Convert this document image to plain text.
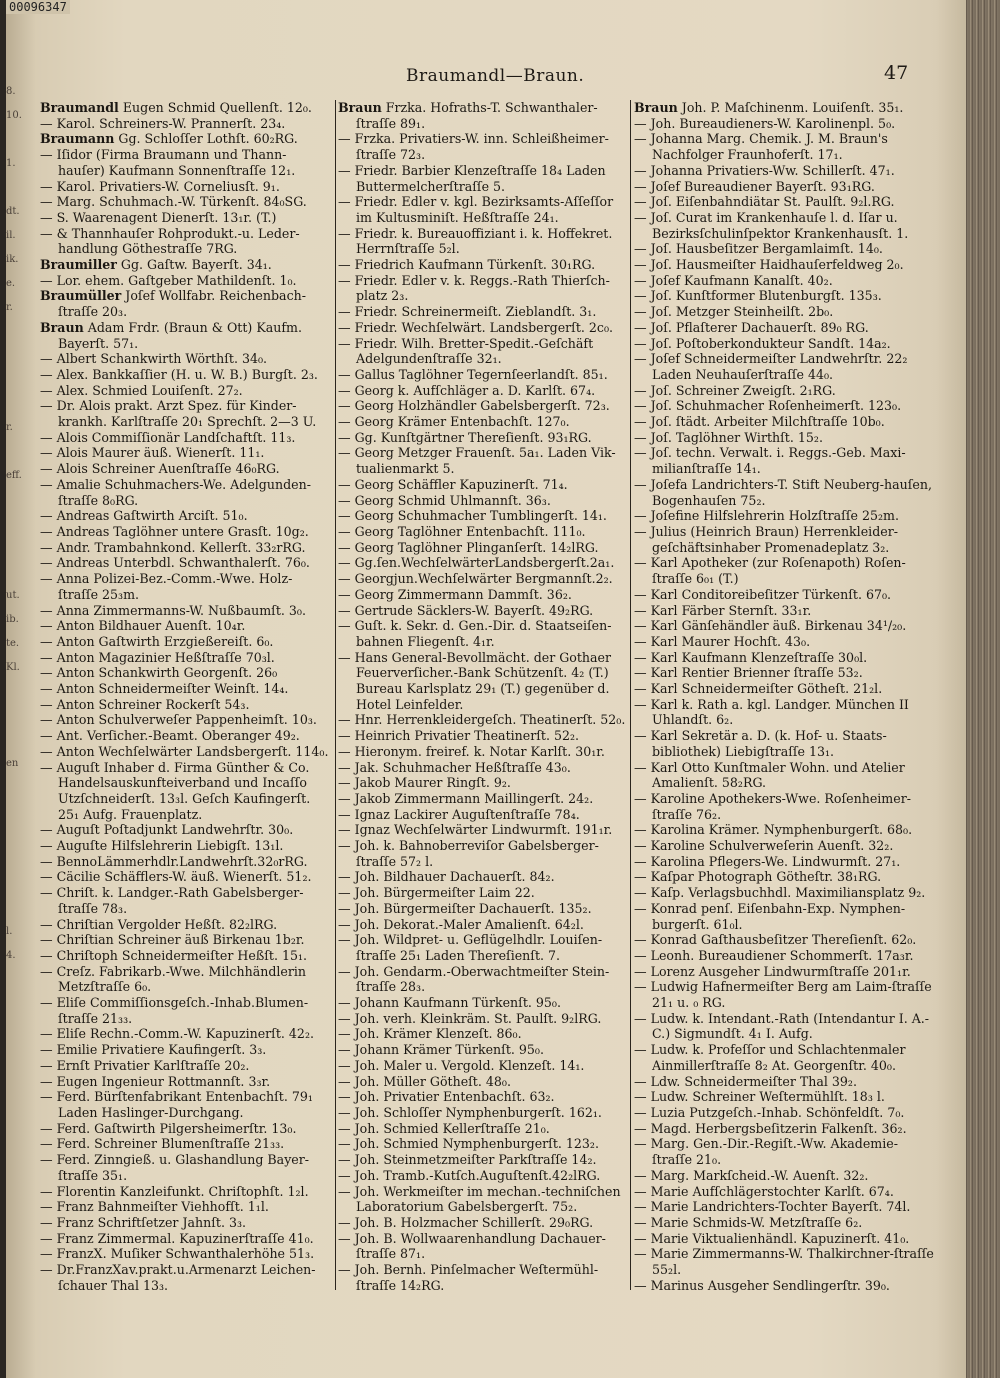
00096347
8.
10.
1.
dt.
il.
ik.
e.
r.
r.
eff.
ut.
ib.
te.
Kl.
en
l.
4.
Braumandl—Braun.	47

Braumandl Eugen Schmid Quellenſt. 12₀.

— Karol. Schreiners-W. Prannerſt. 23₄.

Braumann Gg. Schloſſer Lothſt. 60₂RG.

— Iſidor (Firma Braumann und Thann-hauſer) Kaufmann Sonnenſtraſſe 12₁.

— Karol. Privatiers-W. Corneliusſt. 9₁.

— Marg. Schuhmach.-W. Türkenſt. 84₀SG.

— S. Waarenagent Dienerſt. 13₁r. (T.)

— & Thannhauſer Rohprodukt.-u. Leder-handlung Göthestraſſe 7RG.

Braumiller Gg. Gaſtw. Bayerſt. 34₁.

— Lor. ehem. Gaſtgeber Mathildenſt. 1₀.

Braumüller Joſef Wollfabr. Reichenbach-ſtraſſe 20₃.

Braun Adam Frdr. (Braun & Ott) Kaufm. Bayerſt. 57₁.

— Albert Schankwirth Wörthſt. 34₀.

— Alex. Bankkaſſier (H. u. W. B.) Burgſt. 2₃.

— Alex. Schmied Louiſenſt. 27₂.

— Dr. Alois prakt. Arzt Spez. für Kinder-krankh. Karlſtraſſe 20₁ Sprechſt. 2—3 U.

— Alois Commiſſionär Landſchaftſt. 11₃.

— Alois Maurer äuß. Wienerſt. 11₁.

— Alois Schreiner Auenſtraſſe 46₀RG.

— Amalie Schuhmachers-We. Adelgunden-ſtraſſe 8₀RG.

— Andreas Gaſtwirth Arciſt. 51₀.

— Andreas Taglöhner untere Grasſt. 10g₂.

— Andr. Trambahnkond. Kellerſt. 33₂rRG.

— Andreas Unterbdl. Schwanthalerſt. 76₀.

— Anna Polizei-Bez.-Comm.-Wwe. Holz-ſtraſſe 25₃m.

— Anna Zimmermanns-W. Nußbaumſt. 3₀.

— Anton Bildhauer Auenſt. 10₄r.

— Anton Gaſtwirth Erzgießereiſt. 6₀.

— Anton Magazinier Heßſtraſſe 70₃l.

— Anton Schankwirth Georgenſt. 26₀

— Anton Schneidermeiſter Weinſt. 14₄.

— Anton Schreiner Rockerſt 54₃.

— Anton Schulverweſer Pappenheimſt. 10₃.

— Ant. Verſicher.-Beamt. Oberanger 49₂.

— Anton Wechſelwärter Landsbergerſt. 114₀.

— Auguſt Inhaber d. Firma Günther & Co. Handelsauskunfteiverband und Incaſſo Utzſchneiderſt. 13₃l. Geſch Kaufingerſt. 25₁ Aufg. Frauenplatz.

— Auguſt Poſtadjunkt Landwehrſtr. 30₀.

— Auguſte Hilfslehrerin Liebigſt. 13₁l.

— BennoLämmerhdlr.Landwehrſt.32₀rRG.

— Cäcilie Schäfflers-W. äuß. Wienerſt. 51₂.

— Chriſt. k. Landger.-Rath Gabelsberger-ſtraſſe 78₃.

— Chriſtian Vergolder Heßſt. 82₂lRG.

— Chriſtian Schreiner äuß Birkenau 1b₂r.

— Chriſtoph Schneidermeiſter Heßſt. 15₁.

— Creſz. Fabrikarb.-Wwe. Milchhändlerin Metzſtraſſe 6₀.

— Eliſe Commiſſionsgeſch.-Inhab.Blumen-ſtraſſe 21₃₃.

— Eliſe Rechn.-Comm.-W. Kapuzinerſt. 42₂.

— Emilie Privatiere Kaufingerſt. 3₃.

— Ernſt Privatier Karlſtraſſe 20₂.

— Eugen Ingenieur Rottmannſt. 3₃r.

— Ferd. Bürſtenfabrikant Entenbachſt. 79₁ Laden Haslinger-Durchgang.

— Ferd. Gaſtwirth Pilgersheimerſtr. 13₀.

— Ferd. Schreiner Blumenſtraſſe 21₃₃.

— Ferd. Zinngieß. u. Glashandlung Bayer-ſtraſſe 35₁.

— Florentin Kanzleifunkt. Chriſtophſt. 1₂l.

— Franz Bahnmeiſter Viehhofſt. 1₁l.

— Franz Schriftſetzer Jahnſt. 3₃.

— Franz Zimmermal. Kapuzinerſtraſſe 41₀.

— FranzX. Muſiker Schwanthalerhöhe 51₃.

— Dr.FranzXav.prakt.u.Armenarzt Leichen-ſchauer Thal 13₃.

Braun Frzka. Hofraths-T. Schwanthaler-ſtraſſe 89₁.

— Frzka. Privatiers-W. inn. Schleißheimer-ſtraſſe 72₃.

— Friedr. Barbier Klenzeſtraſſe 18₄ Laden Buttermelcherſtraſſe 5.

— Friedr. Edler v. kgl. Bezirksamts-Aſſeſſor im Kultusminiſt. Heßſtraſſe 24₁.

— Friedr. k. Bureauoffiziant i. k. Hoffekret. Herrnſtraſſe 5₂l.

— Friedrich Kaufmann Türkenſt. 30₁RG.

— Friedr. Edler v. k. Reggs.-Rath Thierſch-platz 2₃.

— Friedr. Schreinermeiſt. Zieblandſt. 3₁.

— Friedr. Wechſelwärt. Landsbergerſt. 2c₀.

— Friedr. Wilh. Bretter-Spedit.-Geſchäft Adelgundenſtraſſe 32₁.

— Gallus Taglöhner Tegernſeerlandſt. 85₁.

— Georg k. Aufſchläger a. D. Karlſt. 67₄.

— Georg Holzhändler Gabelsbergerſt. 72₃.

— Georg Krämer Entenbachſt. 127₀.

— Gg. Kunſtgärtner Thereſienſt. 93₁RG.

— Georg Metzger Frauenſt. 5a₁. Laden Vik-tualienmarkt 5.

— Georg Schäffler Kapuzinerſt. 71₄.

— Georg Schmid Uhlmannſt. 36₃.

— Georg Schuhmacher Tumblingerſt. 14₁.

— Georg Taglöhner Entenbachſt. 111₀.

— Georg Taglöhner Plinganſerſt. 14₂lRG.

— Gg.ſen.WechſelwärterLandsbergerſt.2a₁.

— Georgjun.Wechſelwärter Bergmannſt.2₂.

— Georg Zimmermann Dammſt. 36₂.

— Gertrude Säcklers-W. Bayerſt. 49₂RG.

— Guſt. k. Sekr. d. Gen.-Dir. d. Staatseiſen-bahnen Fliegenſt. 4₁r.

— Hans General-Bevollmächt. der Gothaer Feuerverſicher.-Bank Schützenſt. 4₂ (T.) Bureau Karlsplatz 29₁ (T.) gegenüber d. Hotel Leinfelder.

— Hnr. Herrenkleidergeſch. Theatinerſt. 52₀.

— Heinrich Privatier Theatinerſt. 52₂.

— Hieronym. freiref. k. Notar Karlſt. 30₁r.

— Jak. Schuhmacher Heßſtraſſe 43₀.

— Jakob Maurer Ringſt. 9₂.

— Jakob Zimmermann Maillingerſt. 24₂.

— Ignaz Lackirer Auguſtenſtraſſe 78₄.

— Ignaz Wechſelwärter Lindwurmſt. 191₁r.

— Joh. k. Bahnoberreviſor Gabelsberger-ſtraſſe 57₂ l.

— Joh. Bildhauer Dachauerſt. 84₂.

— Joh. Bürgermeiſter Laim 22.

— Joh. Bürgermeiſter Dachauerſt. 135₂.

— Joh. Dekorat.-Maler Amalienſt. 64₂l.

— Joh. Wildpret- u. Geflügelhdlr. Louiſen-ſtraſſe 25₁ Laden Thereſienſt. 7.

— Joh. Gendarm.-Oberwachtmeiſter Stein-ſtraſſe 28₃.

— Johann Kaufmann Türkenſt. 95₀.

— Joh. verh. Kleinkräm. St. Paulſt. 9₂lRG.

— Joh. Krämer Klenzeſt. 86₀.

— Johann Krämer Türkenſt. 95₀.

— Joh. Maler u. Vergold. Klenzeſt. 14₁.

— Joh. Müller Götheſt. 48₀.

— Joh. Privatier Entenbachſt. 63₂.

— Joh. Schloſſer Nymphenburgerſt. 162₁.

— Joh. Schmied Kellerſtraſſe 21₀.

— Joh. Schmied Nymphenburgerſt. 123₂.

— Joh. Steinmetzmeiſter Parkſtraſſe 14₂.

— Joh. Tramb.-Kutſch.Auguſtenſt.42₂lRG.

— Joh. Werkmeiſter im mechan.-techniſchen Laboratorium Gabelsbergerſt. 75₂.

— Joh. B. Holzmacher Schillerſt. 29₀RG.

— Joh. B. Wollwaarenhandlung Dachauer-ſtraſſe 87₁.

— Joh. Bernh. Pinſelmacher Weſtermühl-ſtraſſe 14₂RG.

Braun Joh. P. Maſchinenm. Louiſenſt. 35₁.

— Joh. Bureaudieners-W. Karolinenpl. 5₀.

— Johanna Marg. Chemik. J. M. Braun's Nachfolger Fraunhoferſt. 17₁.

— Johanna Privatiers-Ww. Schillerſt. 47₁.

— Joſef Bureaudiener Bayerſt. 93₁RG.

— Joſ. Eiſenbahndiätar St. Paulſt. 9₂l.RG.

— Joſ. Curat im Krankenhauſe l. d. Iſar u. Bezirksſchulinſpektor Krankenhausſt. 1.

— Joſ. Hausbeſitzer Bergamlaimſt. 14₀.

— Joſ. Hausmeiſter Haidhauſerfeldweg 2₀.

— Joſef Kaufmann Kanalſt. 40₂.

— Joſ. Kunſtformer Blutenburgſt. 135₃.

— Joſ. Metzger Steinheilſt. 2b₀.

— Joſ. Pflaſterer Dachauerſt. 89₀ RG.

— Joſ. Poſtoberkondukteur Sandſt. 14a₂.

— Joſef Schneidermeiſter Landwehrſtr. 22₂ Laden Neuhauſerſtraſſe 44₀.

— Joſ. Schreiner Zweigſt. 2₁RG.

— Joſ. Schuhmacher Roſenheimerſt. 123₀.

— Joſ. ſtädt. Arbeiter Milchſtraſſe 10b₀.

— Joſ. Taglöhner Wirthſt. 15₂.

— Joſ. techn. Verwalt. i. Reggs.-Geb. Maxi-milianſtraſſe 14₁.

— Joſefa Landrichters-T. Stift Neuberg-hauſen, Bogenhauſen 75₂.

— Joſefine Hilfslehrerin Holzſtraſſe 25₂m.

— Julius (Heinrich Braun) Herrenkleider-geſchäftsinhaber Promenadeplatz 3₂.

— Karl Apotheker (zur Roſenapoth) Roſen-ſtraſſe 6₀₁ (T.)

— Karl Conditoreibeſitzer Türkenſt. 67₀.

— Karl Färber Sternſt. 33₁r.

— Karl Gänſehändler äuß. Birkenau 34¹/₂₀.

— Karl Maurer Hochſt. 43₀.

— Karl Kaufmann Klenzeſtraſſe 30₀l.

— Karl Rentier Brienner ſtraſſe 53₂.

— Karl Schneidermeiſter Götheſt. 21₂l.

— Karl k. Rath a. kgl. Landger. München II Uhlandſt. 6₂.

— Karl Sekretär a. D. (k. Hof- u. Staats-bibliothek) Liebigſtraſſe 13₁.

— Karl Otto Kunſtmaler Wohn. und Atelier Amalienſt. 58₂RG.

— Karoline Apothekers-Wwe. Roſenheimer-ſtraſſe 76₂.

— Karolina Krämer. Nymphenburgerſt. 68₀.

— Karoline Schulverweſerin Auenſt. 32₂.

— Karolina Pflegers-We. Lindwurmſt. 27₁.

— Kaſpar Photograph Götheſtr. 38₁RG.

— Kaſp. Verlagsbuchhdl. Maximiliansplatz 9₂.

— Konrad penſ. Eiſenbahn-Exp. Nymphen-burgerſt. 61₀l.

— Konrad Gaſthausbeſitzer Thereſienſt. 62₀.

— Leonh. Bureaudiener Schommerſt. 17a₃r.

— Lorenz Ausgeher Lindwurmſtraſſe 201₁r.

— Ludwig Hafnermeiſter Berg am Laim-ſtraſſe 21₁ u. ₀ RG.

— Ludw. k. Intendant.-Rath (Intendantur I. A.-C.) Sigmundſt. 4₁ I. Aufg.

— Ludw. k. Profeſſor und Schlachtenmaler Ainmillerſtraſſe 8₂ At. Georgenſtr. 40₀.

— Ldw. Schneidermeiſter Thal 39₂.

— Ludw. Schreiner Weſtermühlſt. 18₃ l.

— Luzia Putzgeſch.-Inhab. Schönfeldſt. 7₀.

— Magd. Herbergsbeſitzerin Falkenſt. 36₂.

— Marg. Gen.-Dir.-Regiſt.-Ww. Akademie-ſtraſſe 21₀.

— Marg. Markſcheid.-W. Auenſt. 32₂.

— Marie Aufſchlägerstochter Karlſt. 67₄.

— Marie Landrichters-Tochter Bayerſt. 74l.

— Marie Schmids-W. Metzſtraſſe 6₂.

— Marie Viktualienhändl. Kapuzinerſt. 41₀.

— Marie Zimmermanns-W. Thalkirchner-ſtraſſe 55₂l.

— Marinus Ausgeher Sendlingerſtr. 39₀.
